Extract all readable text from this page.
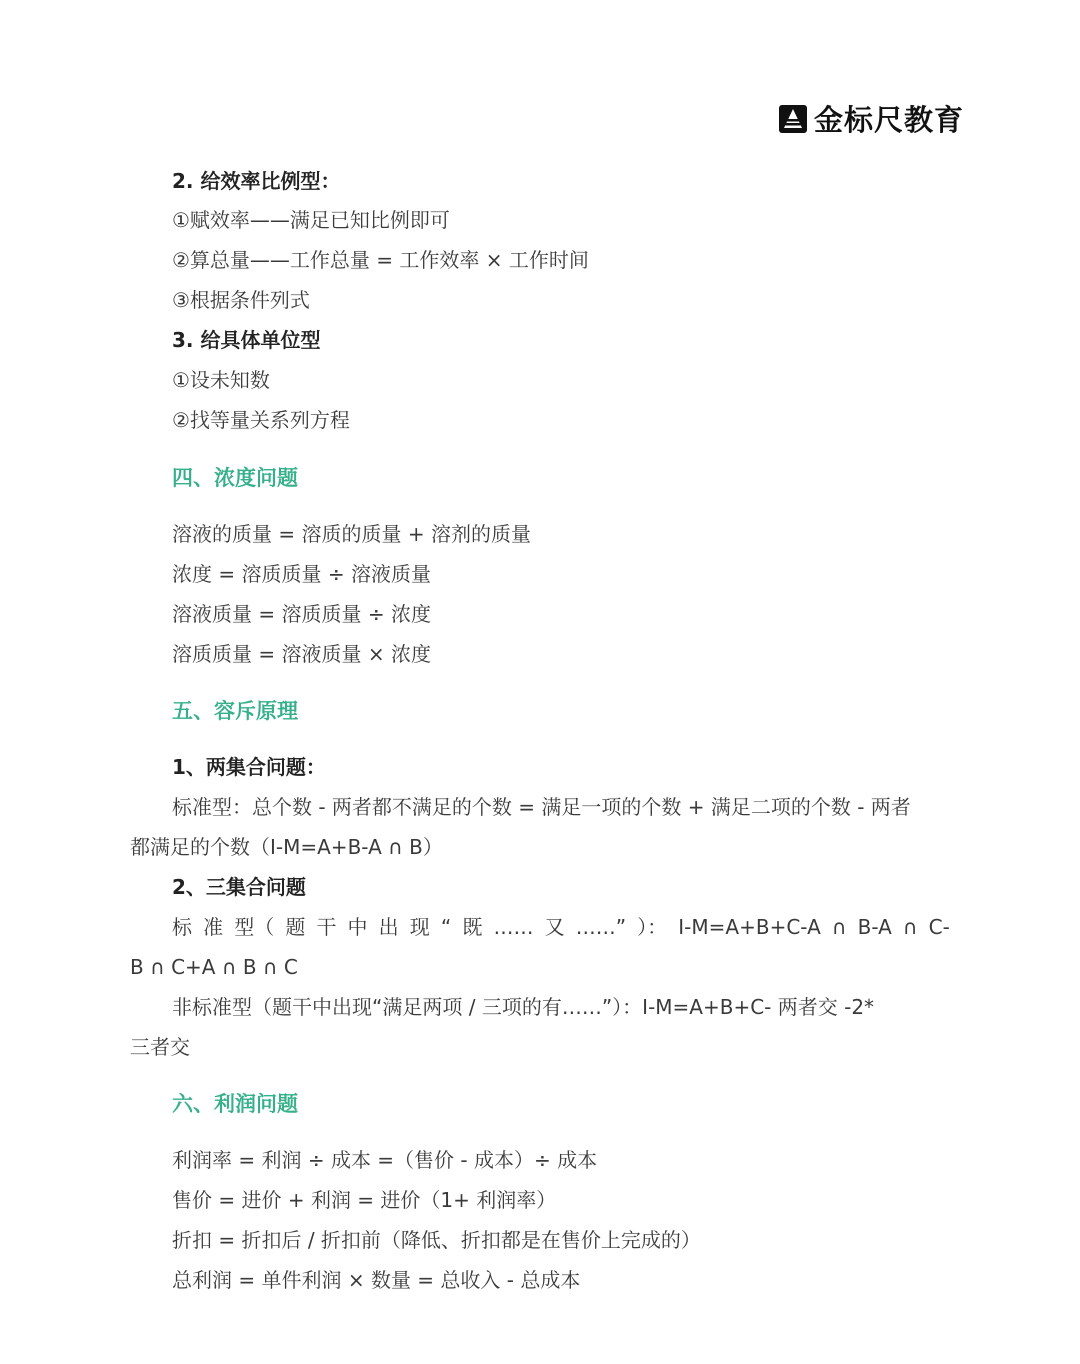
金标尺教育

2. 给效率比例型：

①赋效率——满足已知比例即可

②算总量——工作总量 = 工作效率 × 工作时间

③根据条件列式

3. 给具体单位型

①设未知数

②找等量关系列方程

四、浓度问题

溶液的质量 = 溶质的质量 + 溶剂的质量

浓度 = 溶质质量 ÷ 溶液质量

溶液质量 = 溶质质量 ÷ 浓度

溶质质量 = 溶液质量 × 浓度

五、容斥原理

1、两集合问题：

标准型：总个数 - 两者都不满足的个数 = 满足一项的个数 + 满足二项的个数 - 两者
都满足的个数（I-M=A+B-A ∩ B）

2、三集合问题

标 准 型（ 题 干 中 出 现 “ 既 …… 又 ……” ）： I-M=A+B+C-A ∩ B-A ∩ C-
B ∩ C+A ∩ B ∩ C
非标准型（题干中出现“满足两项 / 三项的有……”）：I-M=A+B+C- 两者交 -2*
三者交

六、利润问题

利润率 = 利润 ÷ 成本 =（售价 - 成本）÷ 成本

售价 = 进价 + 利润 = 进价（1+ 利润率）

折扣 = 折扣后 / 折扣前（降低、折扣都是在售价上完成的）

总利润 = 单件利润 × 数量 = 总收入 - 总成本
